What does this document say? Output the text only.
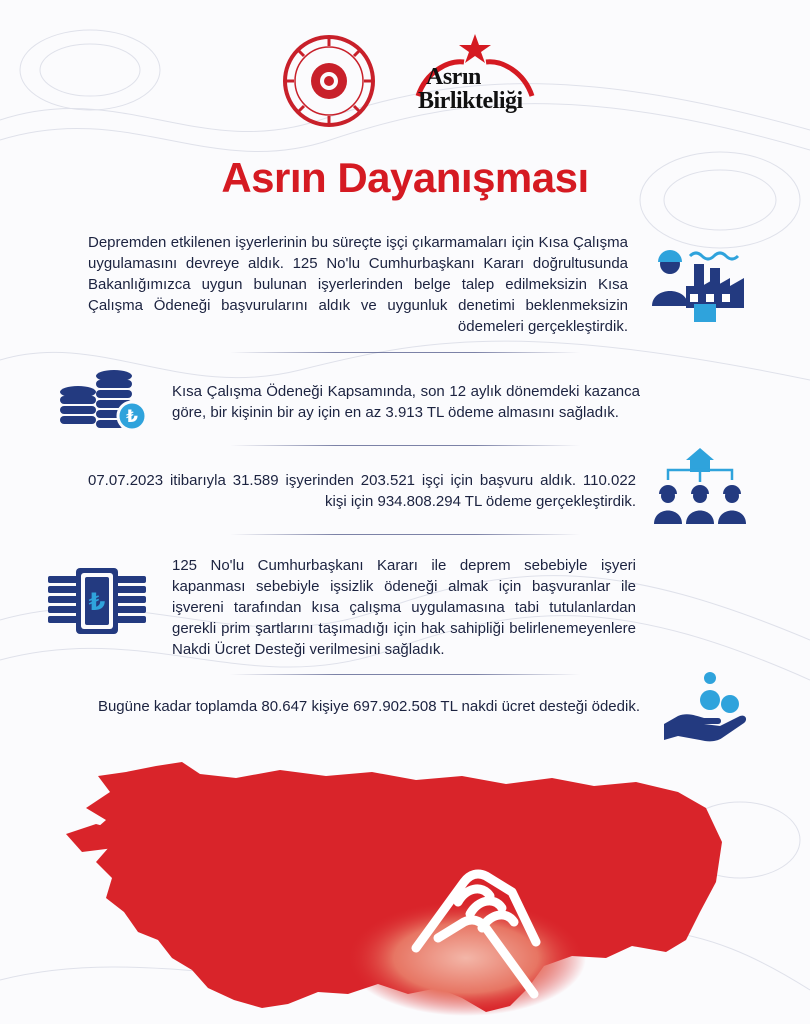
Asrın
Birlikteliği
Asrın Dayanışması
Depremden etkilenen işyerlerinin bu süreçte işçi çıkarmamaları için Kısa Çalışma uygulamasını devreye aldık. 125 No'lu Cumhurbaşkanı Kararı doğrultusunda Bakanlığımızca uygun bulunan işyerlerinden belge talep edilmeksizin Kısa Çalışma Ödeneği başvurularını aldık ve uygunluk denetimi beklenmeksizin ödemeleri gerçekleştirdik.
₺
Kısa Çalışma Ödeneği Kapsamında, son 12 aylık dönemdeki kazanca göre, bir kişinin bir ay için en az 3.913 TL ödeme almasını sağladık.
07.07.2023 itibarıyla 31.589 işyerinden 203.521 işçi için başvuru aldık. 110.022 kişi için 934.808.294 TL ödeme gerçekleştirdik.
₺
125 No'lu Cumhurbaşkanı Kararı ile deprem sebebiyle işyeri kapanması sebebiyle işsizlik ödeneği almak için başvuranlar ile işvereni tarafından kısa çalışma uygulamasına tabi tutulanlardan gerekli prim şartlarını taşımadığı için hak sahipliği belirlenemeyenlere Nakdi Ücret Desteği verilmesini sağladık.
Bugüne kadar toplamda 80.647 kişiye 697.902.508 TL nakdi ücret desteği ödedik.
